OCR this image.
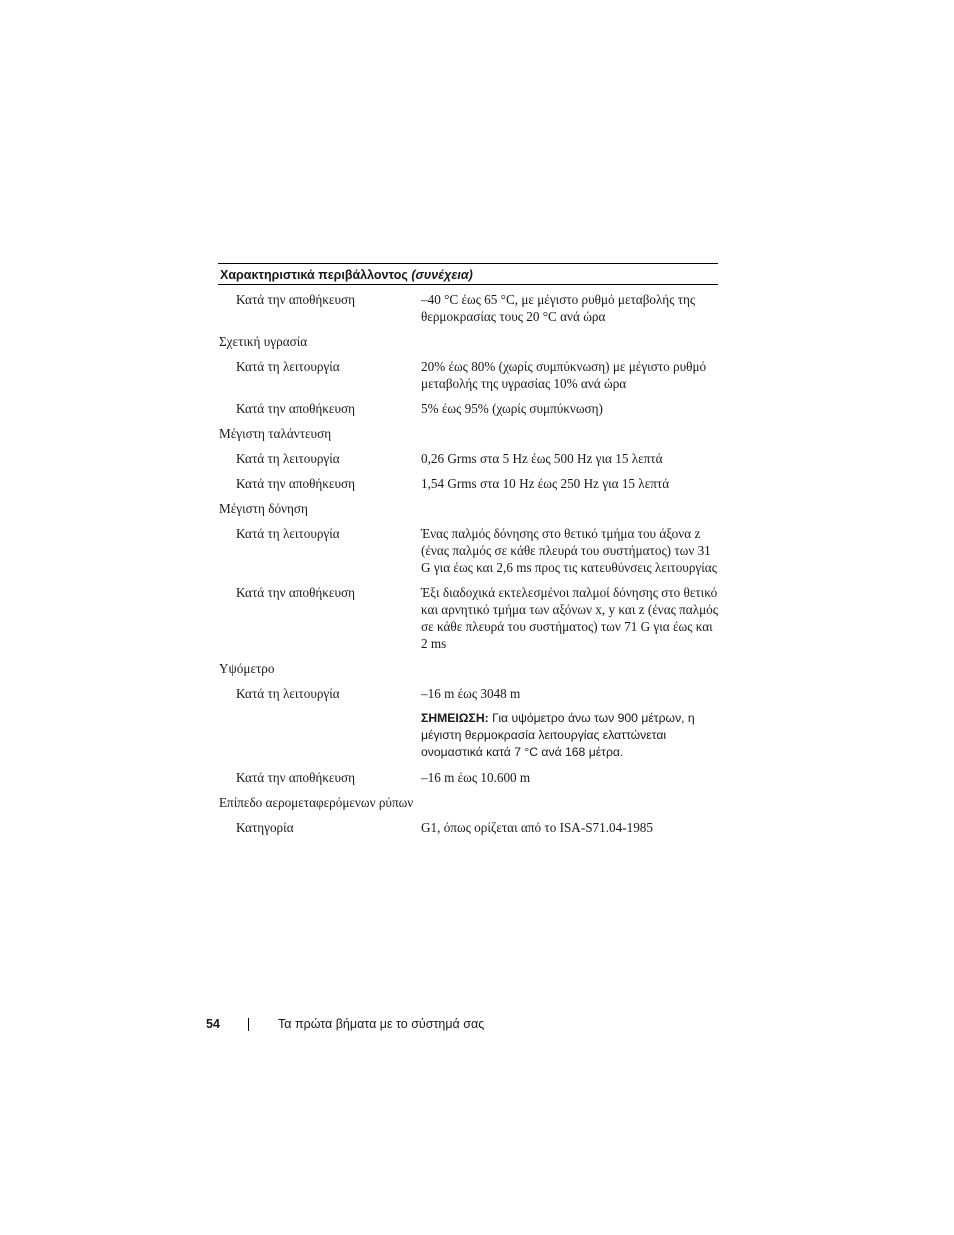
Χαρακτηριστικά περιβάλλοντος (συνέχεια)
Κατά την αποθήκευση	–40 °C έως 65 °C, με μέγιστο ρυθμό μεταβολής της θερμοκρασίας τους 20 °C ανά ώρα
Σχετική υγρασία
Κατά τη λειτουργία	20% έως 80% (χωρίς συμπύκνωση) με μέγιστο ρυθμό μεταβολής της υγρασίας 10% ανά ώρα
Κατά την αποθήκευση	5% έως 95% (χωρίς συμπύκνωση)
Μέγιστη ταλάντευση
Κατά τη λειτουργία	0,26 Grms στα 5 Hz έως 500 Hz για 15 λεπτά
Κατά την αποθήκευση	1,54 Grms στα 10 Hz έως 250 Hz για 15 λεπτά
Μέγιστη δόνηση
Κατά τη λειτουργία	Ένας παλμός δόνησης στο θετικό τμήμα του άξονα z (ένας παλμός σε κάθε πλευρά του συστήματος) των 31 G για έως και 2,6 ms προς τις κατευθύνσεις λειτουργίας
Κατά την αποθήκευση	Έξι διαδοχικά εκτελεσμένοι παλμοί δόνησης στο θετικό και αρνητικό τμήμα των αξόνων x, y και z (ένας παλμός σε κάθε πλευρά του συστήματος) των 71 G για έως και 2 ms
Υψόμετρο
Κατά τη λειτουργία	–16 m έως 3048 m
ΣΗΜΕΙΩΣΗ: Για υψόμετρο άνω των 900 μέτρων, η μέγιστη θερμοκρασία λειτουργίας ελαττώνεται ονομαστικά κατά 7 °C ανά 168 μέτρα.
Κατά την αποθήκευση	–16 m έως 10.600 m
Επίπεδο αερομεταφερόμενων ρύπων
Κατηγορία	G1, όπως ορίζεται από το ISA-S71.04-1985
54	Τα πρώτα βήματα με το σύστημά σας
